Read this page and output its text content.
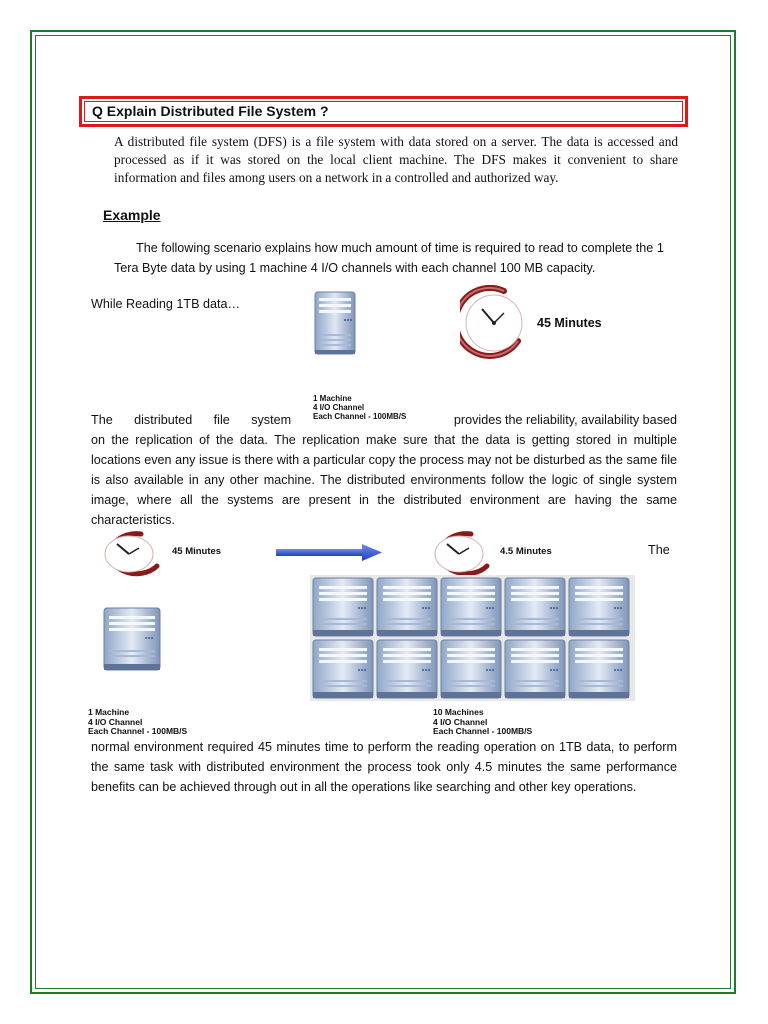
Q Explain Distributed File System ?

A distributed file system (DFS) is a file system with data stored on a server. The data is accessed and processed as if it was stored on the local client machine. The DFS makes it convenient to share information and files among users on a network in a controlled and authorized way.

Example

The following scenario explains how much amount of time is required to read to complete the 1 Tera Byte data by using 1 machine 4 I/O channels with each channel 100 MB capacity.

While Reading 1TB data…

45 Minutes
1 Machine
4 I/O Channel
Each Channel - 100MB/S
The distributed file system	provides the reliability, availability based
on the replication of the data. The replication make sure that the data is getting stored in multiple locations even any issue is there with a particular copy the process may not be disturbed as the same file is also available in any other machine. The distributed environments follow the logic of single system image, where all the systems are present in the distributed environment are having the same characteristics.
45 Minutes	4.5 Minutes	The
1 Machine
4 I/O Channel
Each Channel - 100MB/S
10 Machines
4 I/O Channel
Each Channel - 100MB/S

normal environment required 45 minutes time to perform the reading operation on 1TB data, to perform the same task with distributed environment the process took only 4.5 minutes the same performance benefits can be achieved through out in all the operations like searching and other key operations.
